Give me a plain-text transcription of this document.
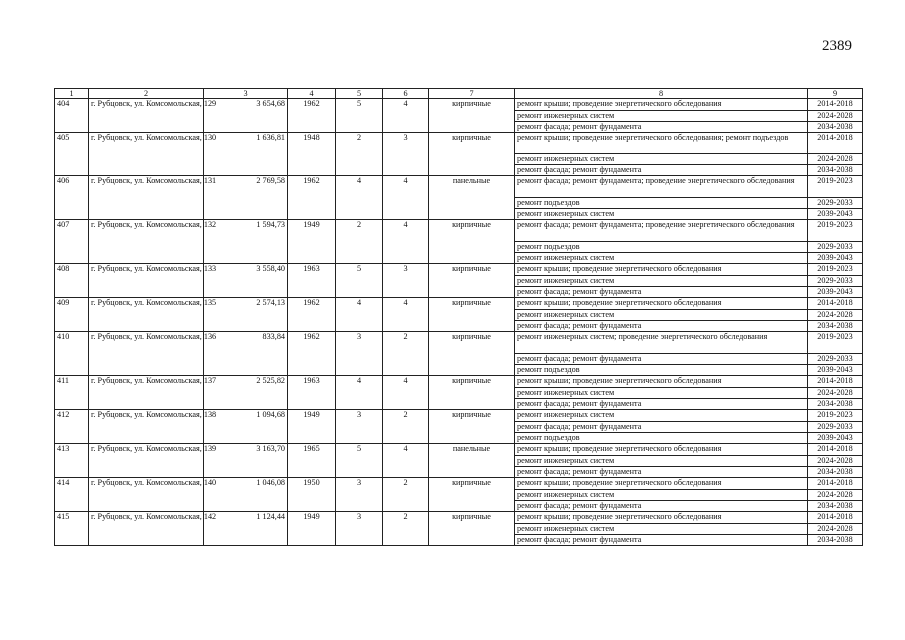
2389
1	2	3	4	5	6	7	8	9
404	г. Рубцовск, ул. Комсомольская, 129	3 654,68	1962	5	4	кирпичные	ремонт крыши; проведение энергетического обследования	2014-2018
							ремонт инженерных систем	2024-2028
							ремонт фасада; ремонт фундамента	2034-2038
405	г. Рубцовск, ул. Комсомольская, 130	1 636,81	1948	2	3	кирпичные	ремонт крыши; проведение энергетического обследования; ремонт подъездов	2014-2018
							ремонт инженерных систем	2024-2028
							ремонт фасада; ремонт фундамента	2034-2038
406	г. Рубцовск, ул. Комсомольская, 131	2 769,58	1962	4	4	панельные	ремонт фасада; ремонт фундамента; проведение энергетического обследования	2019-2023
							ремонт подъездов	2029-2033
							ремонт инженерных систем	2039-2043
407	г. Рубцовск, ул. Комсомольская, 132	1 594,73	1949	2	4	кирпичные	ремонт фасада; ремонт фундамента; проведение энергетического обследования	2019-2023
							ремонт подъездов	2029-2033
							ремонт инженерных систем	2039-2043
408	г. Рубцовск, ул. Комсомольская, 133	3 558,40	1963	5	3	кирпичные	ремонт крыши; проведение энергетического обследования	2019-2023
							ремонт инженерных систем	2029-2033
							ремонт фасада; ремонт фундамента	2039-2043
409	г. Рубцовск, ул. Комсомольская, 135	2 574,13	1962	4	4	кирпичные	ремонт крыши; проведение энергетического обследования	2014-2018
							ремонт инженерных систем	2024-2028
							ремонт фасада; ремонт фундамента	2034-2038
410	г. Рубцовск, ул. Комсомольская, 136	833,84	1962	3	2	кирпичные	ремонт инженерных систем; проведение энергетического обследования	2019-2023
							ремонт фасада; ремонт фундамента	2029-2033
							ремонт подъездов	2039-2043
411	г. Рубцовск, ул. Комсомольская, 137	2 525,82	1963	4	4	кирпичные	ремонт крыши; проведение энергетического обследования	2014-2018
							ремонт инженерных систем	2024-2028
							ремонт фасада; ремонт фундамента	2034-2038
412	г. Рубцовск, ул. Комсомольская, 138	1 094,68	1949	3	2	кирпичные	ремонт инженерных систем	2019-2023
							ремонт фасада; ремонт фундамента	2029-2033
							ремонт подъездов	2039-2043
413	г. Рубцовск, ул. Комсомольская, 139	3 163,70	1965	5	4	панельные	ремонт крыши; проведение энергетического обследования	2014-2018
							ремонт инженерных систем	2024-2028
							ремонт фасада; ремонт фундамента	2034-2038
414	г. Рубцовск, ул. Комсомольская, 140	1 046,08	1950	3	2	кирпичные	ремонт крыши; проведение энергетического обследования	2014-2018
							ремонт инженерных систем	2024-2028
							ремонт фасада; ремонт фундамента	2034-2038
415	г. Рубцовск, ул. Комсомольская, 142	1 124,44	1949	3	2	кирпичные	ремонт крыши; проведение энергетического обследования	2014-2018
							ремонт инженерных систем	2024-2028
							ремонт фасада; ремонт фундамента	2034-2038
